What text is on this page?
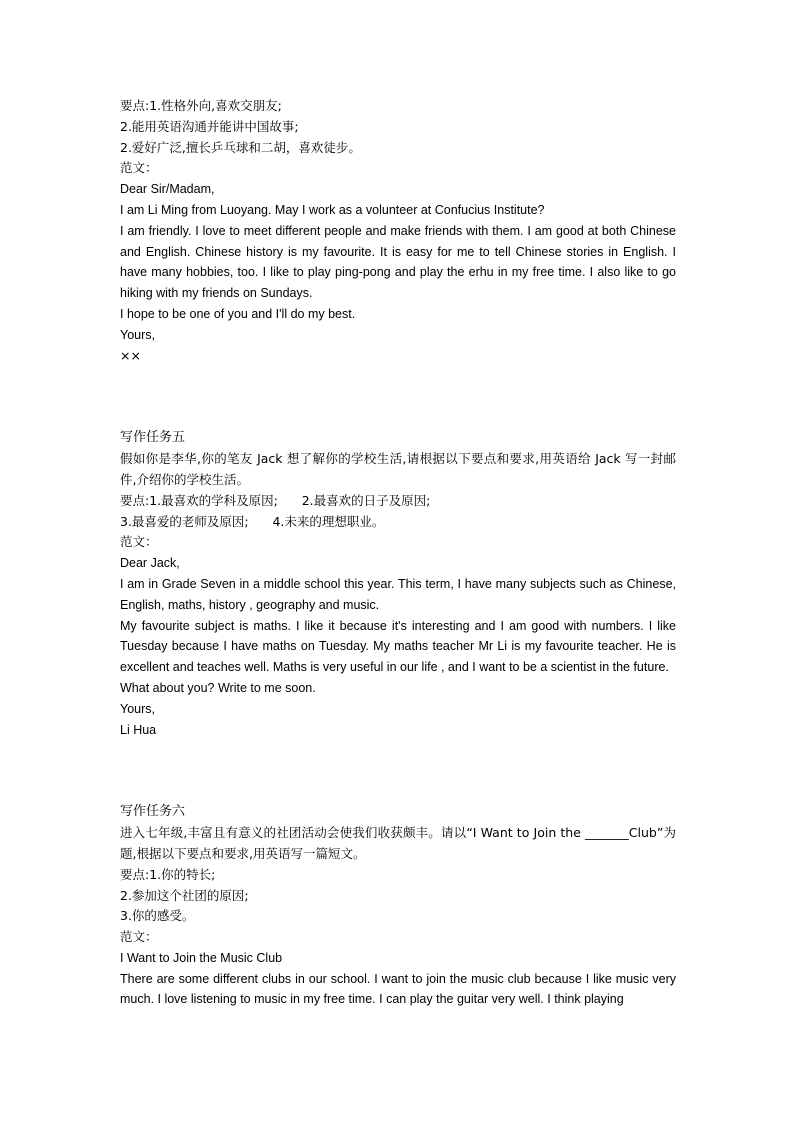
要点:1.性格外向,喜欢交朋友;
2.能用英语沟通并能讲中国故事;
2.爱好广泛,擅长乒乓球和二胡，喜欢徒步。
范文：
Dear Sir/Madam,
I am Li Ming from Luoyang. May I work as a volunteer at Confucius Institute?
I am friendly. I love to meet different people and make friends with them. I am good at both Chinese and English. Chinese history is my favourite. It is easy for me to tell Chinese stories in English. I have many hobbies, too. I like to play ping-pong and play the erhu in my free time. I also like to go hiking with my friends on Sundays.
I hope to be one of you and I'll do my best.
Yours,
××
写作任务五
假如你是李华,你的笔友 Jack 想了解你的学校生活,请根据以下要点和要求,用英语给 Jack 写一封邮件,介绍你的学校生活。
要点:1.最喜欢的学科及原因;      2.最喜欢的日子及原因;
3.最喜爱的老师及原因;      4.未来的理想职业。
范文：
Dear Jack,
I am in Grade Seven in a middle school this year. This term, I have many subjects such as Chinese, English, maths, history , geography and music.
My favourite subject is maths. I like it because it's interesting and I am good with numbers. I like Tuesday because I have maths on Tuesday. My maths teacher Mr Li is my favourite teacher. He is excellent and teaches well. Maths is very useful in our life , and I want to be a scientist in the future.
What about you? Write to me soon.
Yours,
Li Hua
写作任务六
进入七年级,丰富且有意义的社团活动会使我们收获颇丰。请以“I Want to Join the _______Club”为题,根据以下要点和要求,用英语写一篇短文。
要点:1.你的特长;
2.参加这个社团的原因;
3.你的感受。
范文：
I Want to Join the Music Club
There are some different clubs in our school. I want to join the music club because I like music very much. I love listening to music in my free time. I can play the guitar very well. I think playing
